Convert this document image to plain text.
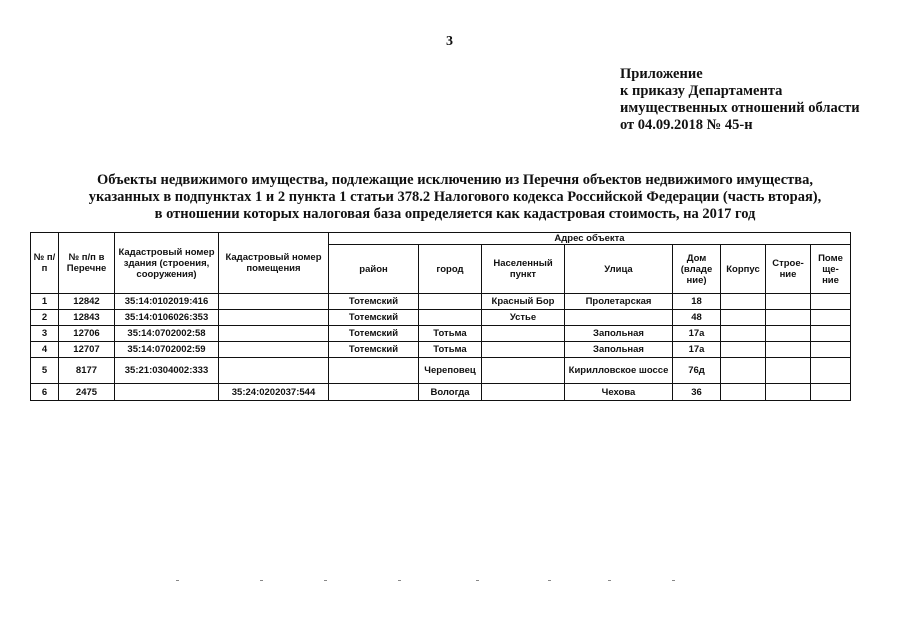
3
Приложение
к приказу Департамента
имущественных отношений области
от 04.09.2018 № 45-н
Объекты недвижимого имущества, подлежащие исключению из Перечня объектов недвижимого имущества,
указанных в подпунктах 1 и 2 пункта 1 статьи 378.2 Налогового кодекса Российской Федерации (часть вторая),
в отношении которых налоговая база определяется как кадастровая стоимость, на 2017 год
№ п/п	№ п/п в Перечне	Кадастровый номер здания (строения, сооружения)	Кадастровый номер помещения	Адрес объекта							
				район	город	Населенный пункт	Улица	Дом (владе ние)	Корпус	Строе- ние	Поме ще- ние
1	12842	35:14:0102019:416		Тотемский		Красный Бор	Пролетарская	18			
2	12843	35:14:0106026:353		Тотемский		Устье		48			
3	12706	35:14:0702002:58		Тотемский	Тотьма		Запольная	17а			
4	12707	35:14:0702002:59		Тотемский	Тотьма		Запольная	17а			
5	8177	35:21:0304002:333			Череповец		Кирилловское шоссе	76д			
6	2475		35:24:0202037:544		Вологда		Чехова	36			
